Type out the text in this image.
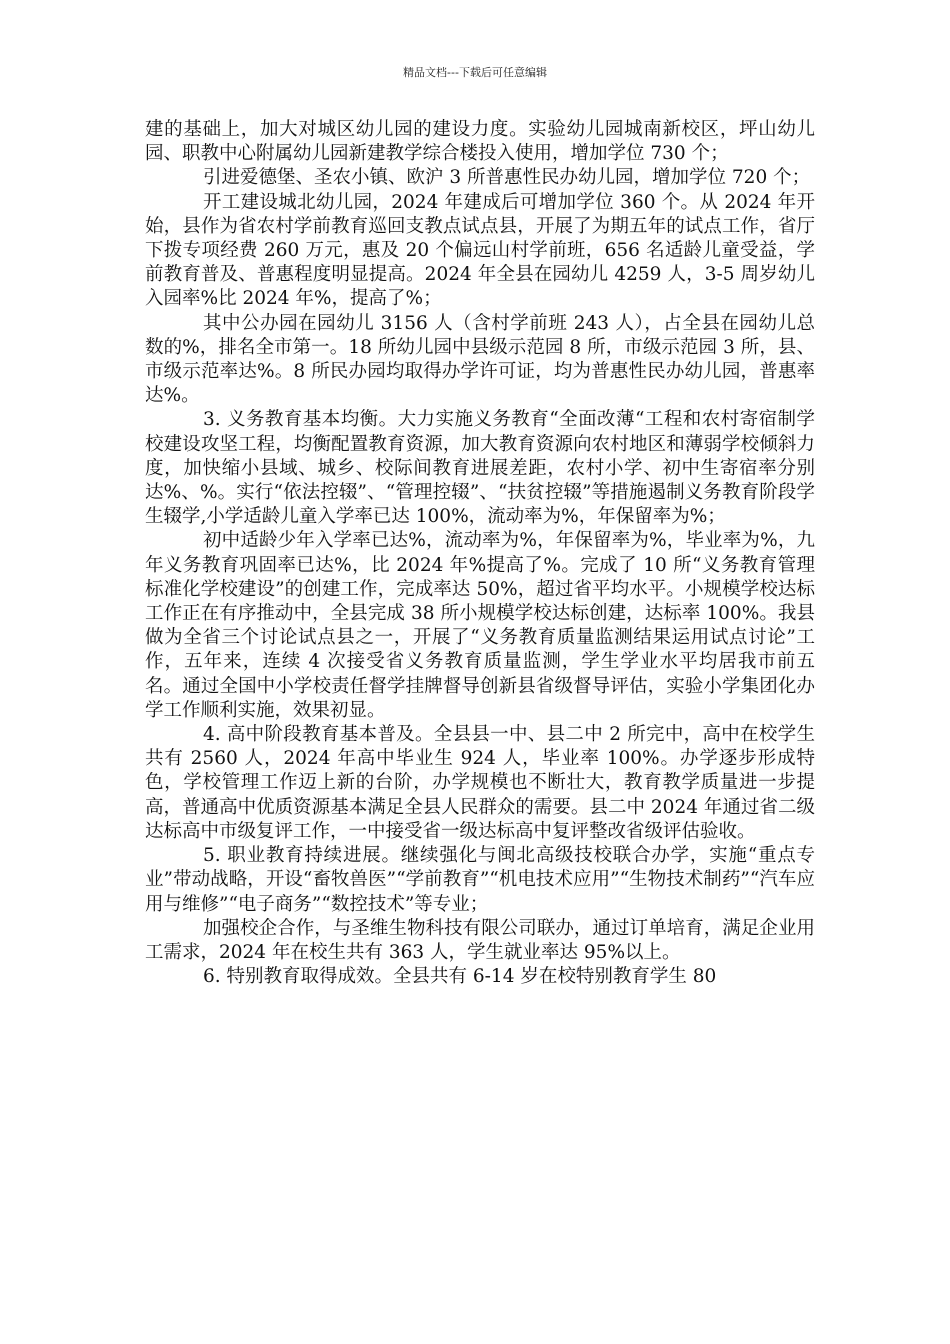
精品文档---下载后可任意编辑

建的基础上，加大对城区幼儿园的建设力度。实验幼儿园城南新校区，坪山幼儿园、职教中心附属幼儿园新建教学综合楼投入使用，增加学位 730 个；

引进爱德堡、圣农小镇、欧沪 3 所普惠性民办幼儿园，增加学位 720 个；

开工建设城北幼儿园，2024 年建成后可增加学位 360 个。从 2024 年开始，县作为省农村学前教育巡回支教点试点县，开展了为期五年的试点工作，省厅下拨专项经费 260 万元，惠及 20 个偏远山村学前班，656 名适龄儿童受益，学前教育普及、普惠程度明显提高。2024 年全县在园幼儿 4259 人，3-5 周岁幼儿入园率%比 2024 年%，提高了%；

其中公办园在园幼儿 3156 人（含村学前班 243 人），占全县在园幼儿总数的%，排名全市第一。18 所幼儿园中县级示范园 8 所，市级示范园 3 所，县、市级示范率达%。8 所民办园均取得办学许可证，均为普惠性民办幼儿园，普惠率达%。

3. 义务教育基本均衡。大力实施义务教育“全面改薄“工程和农村寄宿制学校建设攻坚工程，均衡配置教育资源，加大教育资源向农村地区和薄弱学校倾斜力度，加快缩小县域、城乡、校际间教育进展差距，农村小学、初中生寄宿率分别达%、%。实行“依法控辍”、“管理控辍”、“扶贫控辍”等措施遏制义务教育阶段学生辍学,小学适龄儿童入学率已达 100%，流动率为%，年保留率为%；

初中适龄少年入学率已达%，流动率为%，年保留率为%，毕业率为%，九年义务教育巩固率已达%，比 2024 年%提高了%。完成了 10 所“义务教育管理标准化学校建设”的创建工作，完成率达 50%，超过省平均水平。小规模学校达标工作正在有序推动中，全县完成 38 所小规模学校达标创建，达标率 100%。我县做为全省三个讨论试点县之一，开展了“义务教育质量监测结果运用试点讨论”工作，五年来，连续 4 次接受省义务教育质量监测，学生学业水平均居我市前五名。通过全国中小学校责任督学挂牌督导创新县省级督导评估，实验小学集团化办学工作顺利实施，效果初显。

4. 高中阶段教育基本普及。全县县一中、县二中 2 所完中，高中在校学生共有 2560 人，2024 年高中毕业生 924 人，毕业率 100%。办学逐步形成特色，学校管理工作迈上新的台阶，办学规模也不断壮大，教育教学质量进一步提高，普通高中优质资源基本满足全县人民群众的需要。县二中 2024 年通过省二级达标高中市级复评工作，一中接受省一级达标高中复评整改省级评估验收。

5. 职业教育持续进展。继续强化与闽北高级技校联合办学，实施“重点专业”带动战略，开设“畜牧兽医”“学前教育”“机电技术应用”“生物技术制药”“汽车应用与维修”“电子商务”“数控技术”等专业；

加强校企合作，与圣维生物科技有限公司联办，通过订单培育，满足企业用工需求，2024 年在校生共有 363 人，学生就业率达 95%以上。

6. 特别教育取得成效。全县共有 6-14 岁在校特别教育学生 80
